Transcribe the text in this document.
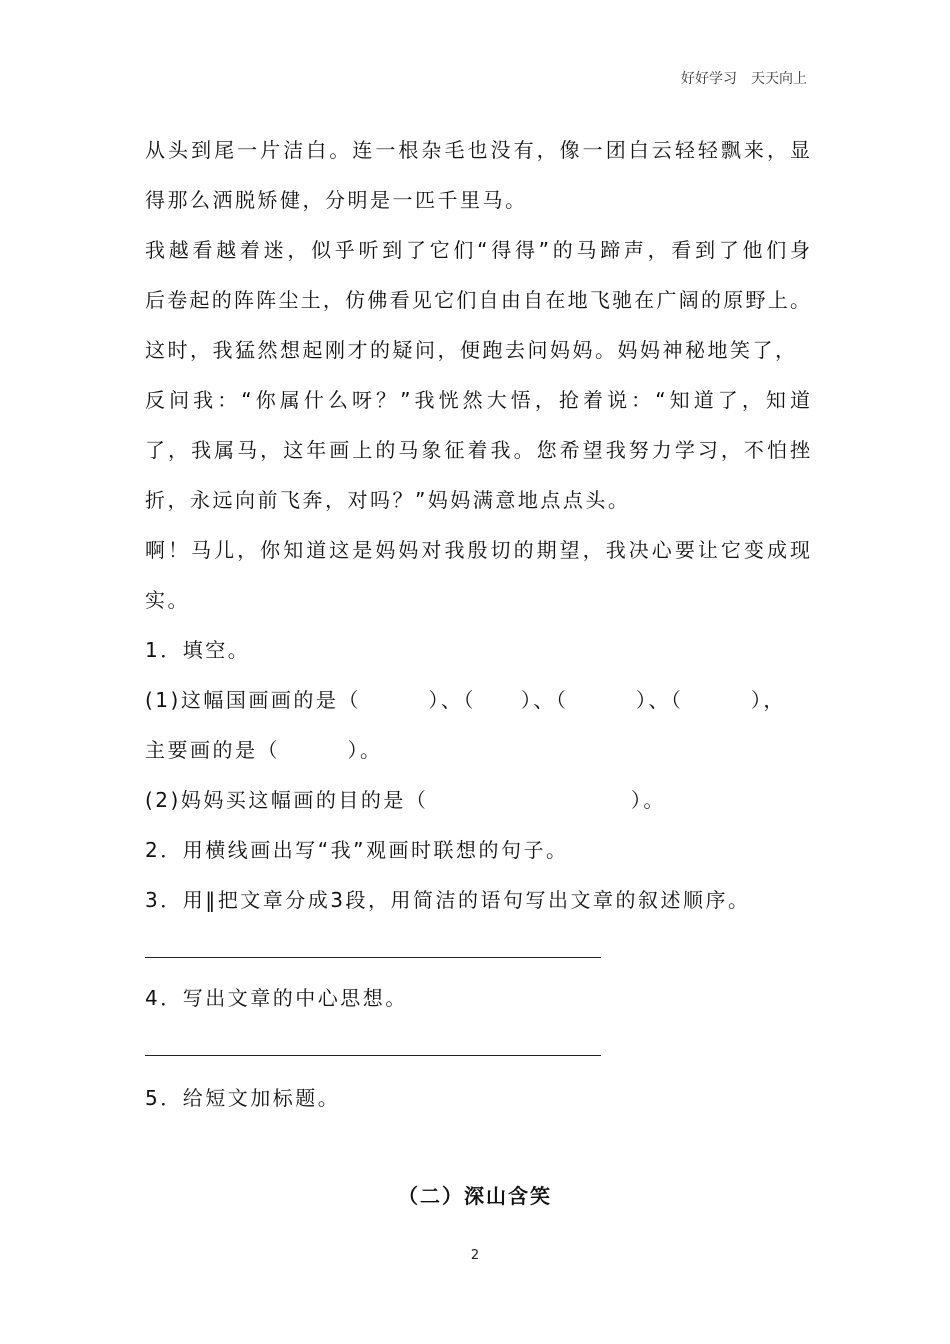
好好学习　天天向上
从头到尾一片洁白。连一根杂毛也没有，像一团白云轻轻飘来，显
得那么洒脱矫健，分明是一匹千里马。
我越看越着迷，似乎听到了它们“得得”的马蹄声，看到了他们身
后卷起的阵阵尘土，仿佛看见它们自由自在地飞驰在广阔的原野上。
这时，我猛然想起刚才的疑问，便跑去问妈妈。妈妈神秘地笑了，
反问我：“你属什么呀？”我恍然大悟，抢着说：“知道了，知道
了，我属马，这年画上的马象征着我。您希望我努力学习，不怕挫
折，永远向前飞奔，对吗？”妈妈满意地点点头。
啊！马儿，你知道这是妈妈对我殷切的期望，我决心要让它变成现
实。
1．填空。
(1)这幅国画画的是（　　　）、（　　）、（　　　）、（　　　），
主要画的是（　　　）。
(2)妈妈买这幅画的目的是（　　　　　　　　　）。
2．用横线画出写“我”观画时联想的句子。
3．用‖把文章分成3段，用简洁的语句写出文章的叙述顺序。
4．写出文章的中心思想。
5．给短文加标题。
（二）深山含笑
2
